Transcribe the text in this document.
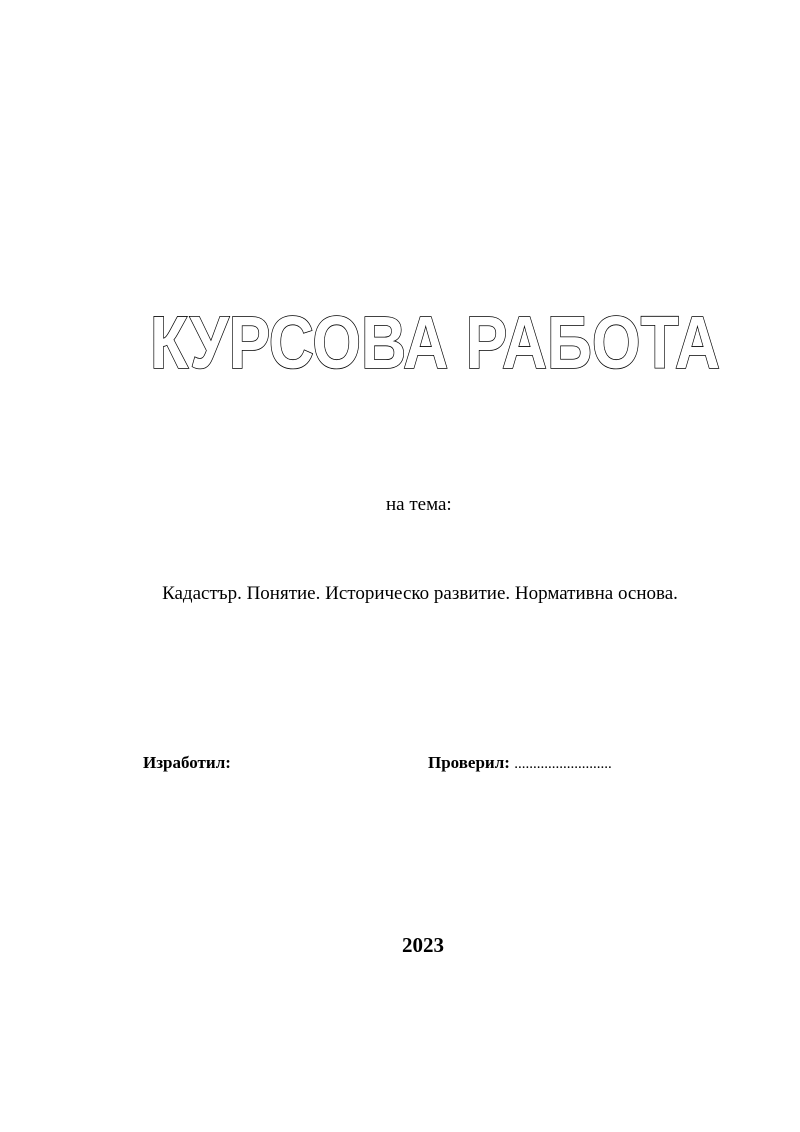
КУРСОВА РАБОТА
на тема:
Кадастър. Понятие. Историческо развитие. Нормативна основа.
Изработил:	Проверил: ..........................
2023
